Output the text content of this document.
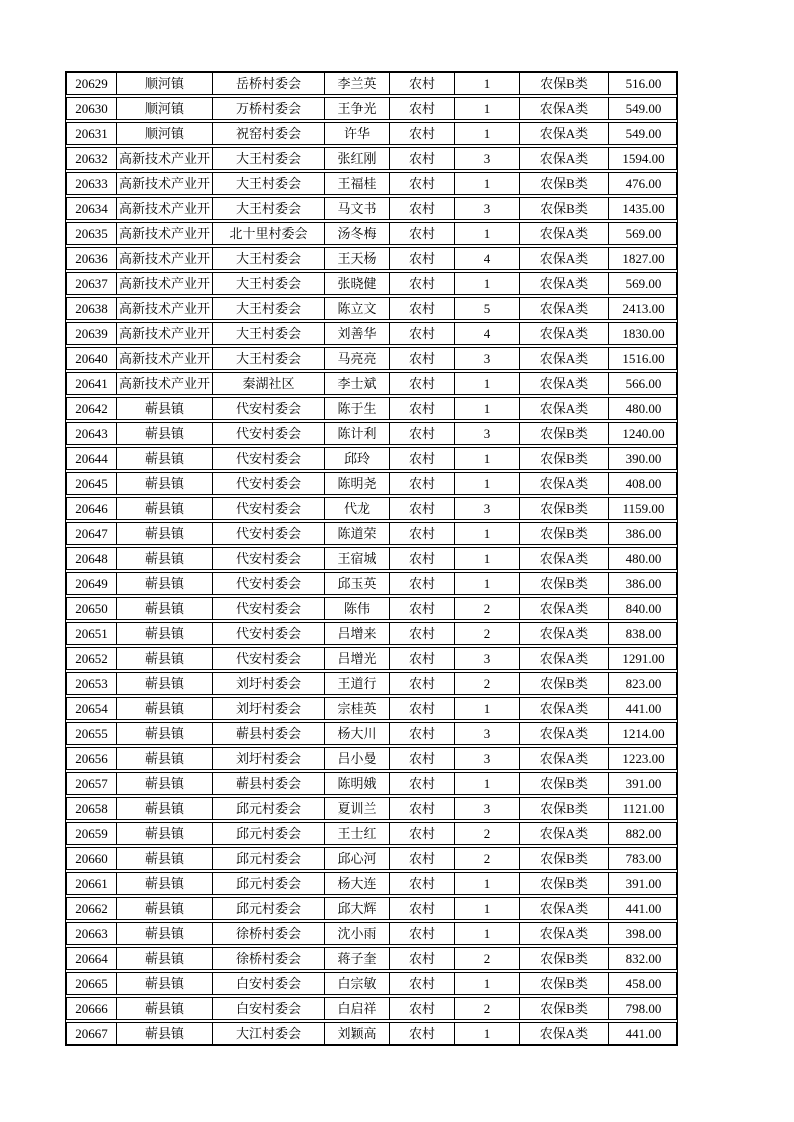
20629	顺河镇	岳桥村委会	李兰英	农村	1	农保B类	516.00
20630	顺河镇	万桥村委会	王争光	农村	1	农保A类	549.00
20631	顺河镇	祝窑村委会	许华	农村	1	农保A类	549.00
20632 高新技术产业开	大王村委会	张红刚	农村	3	农保A类	1594.00
20633 高新技术产业开	大王村委会	王福桂	农村	1	农保B类	476.00
20634 高新技术产业开	大王村委会	马文书	农村	3	农保B类	1435.00
20635 高新技术产业开	北十里村委会	汤冬梅	农村	1	农保A类	569.00
20636 高新技术产业开	大王村委会	王天杨	农村	4	农保A类	1827.00
20637 高新技术产业开	大王村委会	张晓健	农村	1	农保A类	569.00
20638 高新技术产业开	大王村委会	陈立文	农村	5	农保A类	2413.00
20639 高新技术产业开	大王村委会	刘善华	农村	4	农保A类	1830.00
20640 高新技术产业开	大王村委会	马亮亮	农村	3	农保A类	1516.00
20641 高新技术产业开	秦湖社区	李士斌	农村	1	农保A类	566.00
20642	蕲县镇	代安村委会	陈于生	农村	1	农保A类	480.00
20643	蕲县镇	代安村委会	陈计利	农村	3	农保B类	1240.00
20644	蕲县镇	代安村委会	邱玲	农村	1	农保B类	390.00
20645	蕲县镇	代安村委会	陈明尧	农村	1	农保A类	408.00
20646	蕲县镇	代安村委会	代龙	农村	3	农保B类	1159.00
20647	蕲县镇	代安村委会	陈道荣	农村	1	农保B类	386.00
20648	蕲县镇	代安村委会	王宿城	农村	1	农保A类	480.00
20649	蕲县镇	代安村委会	邱玉英	农村	1	农保B类	386.00
20650	蕲县镇	代安村委会	陈伟	农村	2	农保A类	840.00
20651	蕲县镇	代安村委会	吕增来	农村	2	农保A类	838.00
20652	蕲县镇	代安村委会	吕增光	农村	3	农保A类	1291.00
20653	蕲县镇	刘圩村委会	王道行	农村	2	农保B类	823.00
20654	蕲县镇	刘圩村委会	宗桂英	农村	1	农保A类	441.00
20655	蕲县镇	蕲县村委会	杨大川	农村	3	农保A类	1214.00
20656	蕲县镇	刘圩村委会	吕小曼	农村	3	农保A类	1223.00
20657	蕲县镇	蕲县村委会	陈明娥	农村	1	农保B类	391.00
20658	蕲县镇	邱元村委会	夏训兰	农村	3	农保B类	1121.00
20659	蕲县镇	邱元村委会	王士红	农村	2	农保A类	882.00
20660	蕲县镇	邱元村委会	邱心河	农村	2	农保B类	783.00
20661	蕲县镇	邱元村委会	杨大连	农村	1	农保B类	391.00
20662	蕲县镇	邱元村委会	邱大辉	农村	1	农保A类	441.00
20663	蕲县镇	徐桥村委会	沈小雨	农村	1	农保A类	398.00
20664	蕲县镇	徐桥村委会	蒋子奎	农村	2	农保B类	832.00
20665	蕲县镇	白安村委会	白宗敏	农村	1	农保B类	458.00
20666	蕲县镇	白安村委会	白启祥	农村	2	农保B类	798.00
20667	蕲县镇	大江村委会	刘颖高	农村	1	农保A类	441.00
